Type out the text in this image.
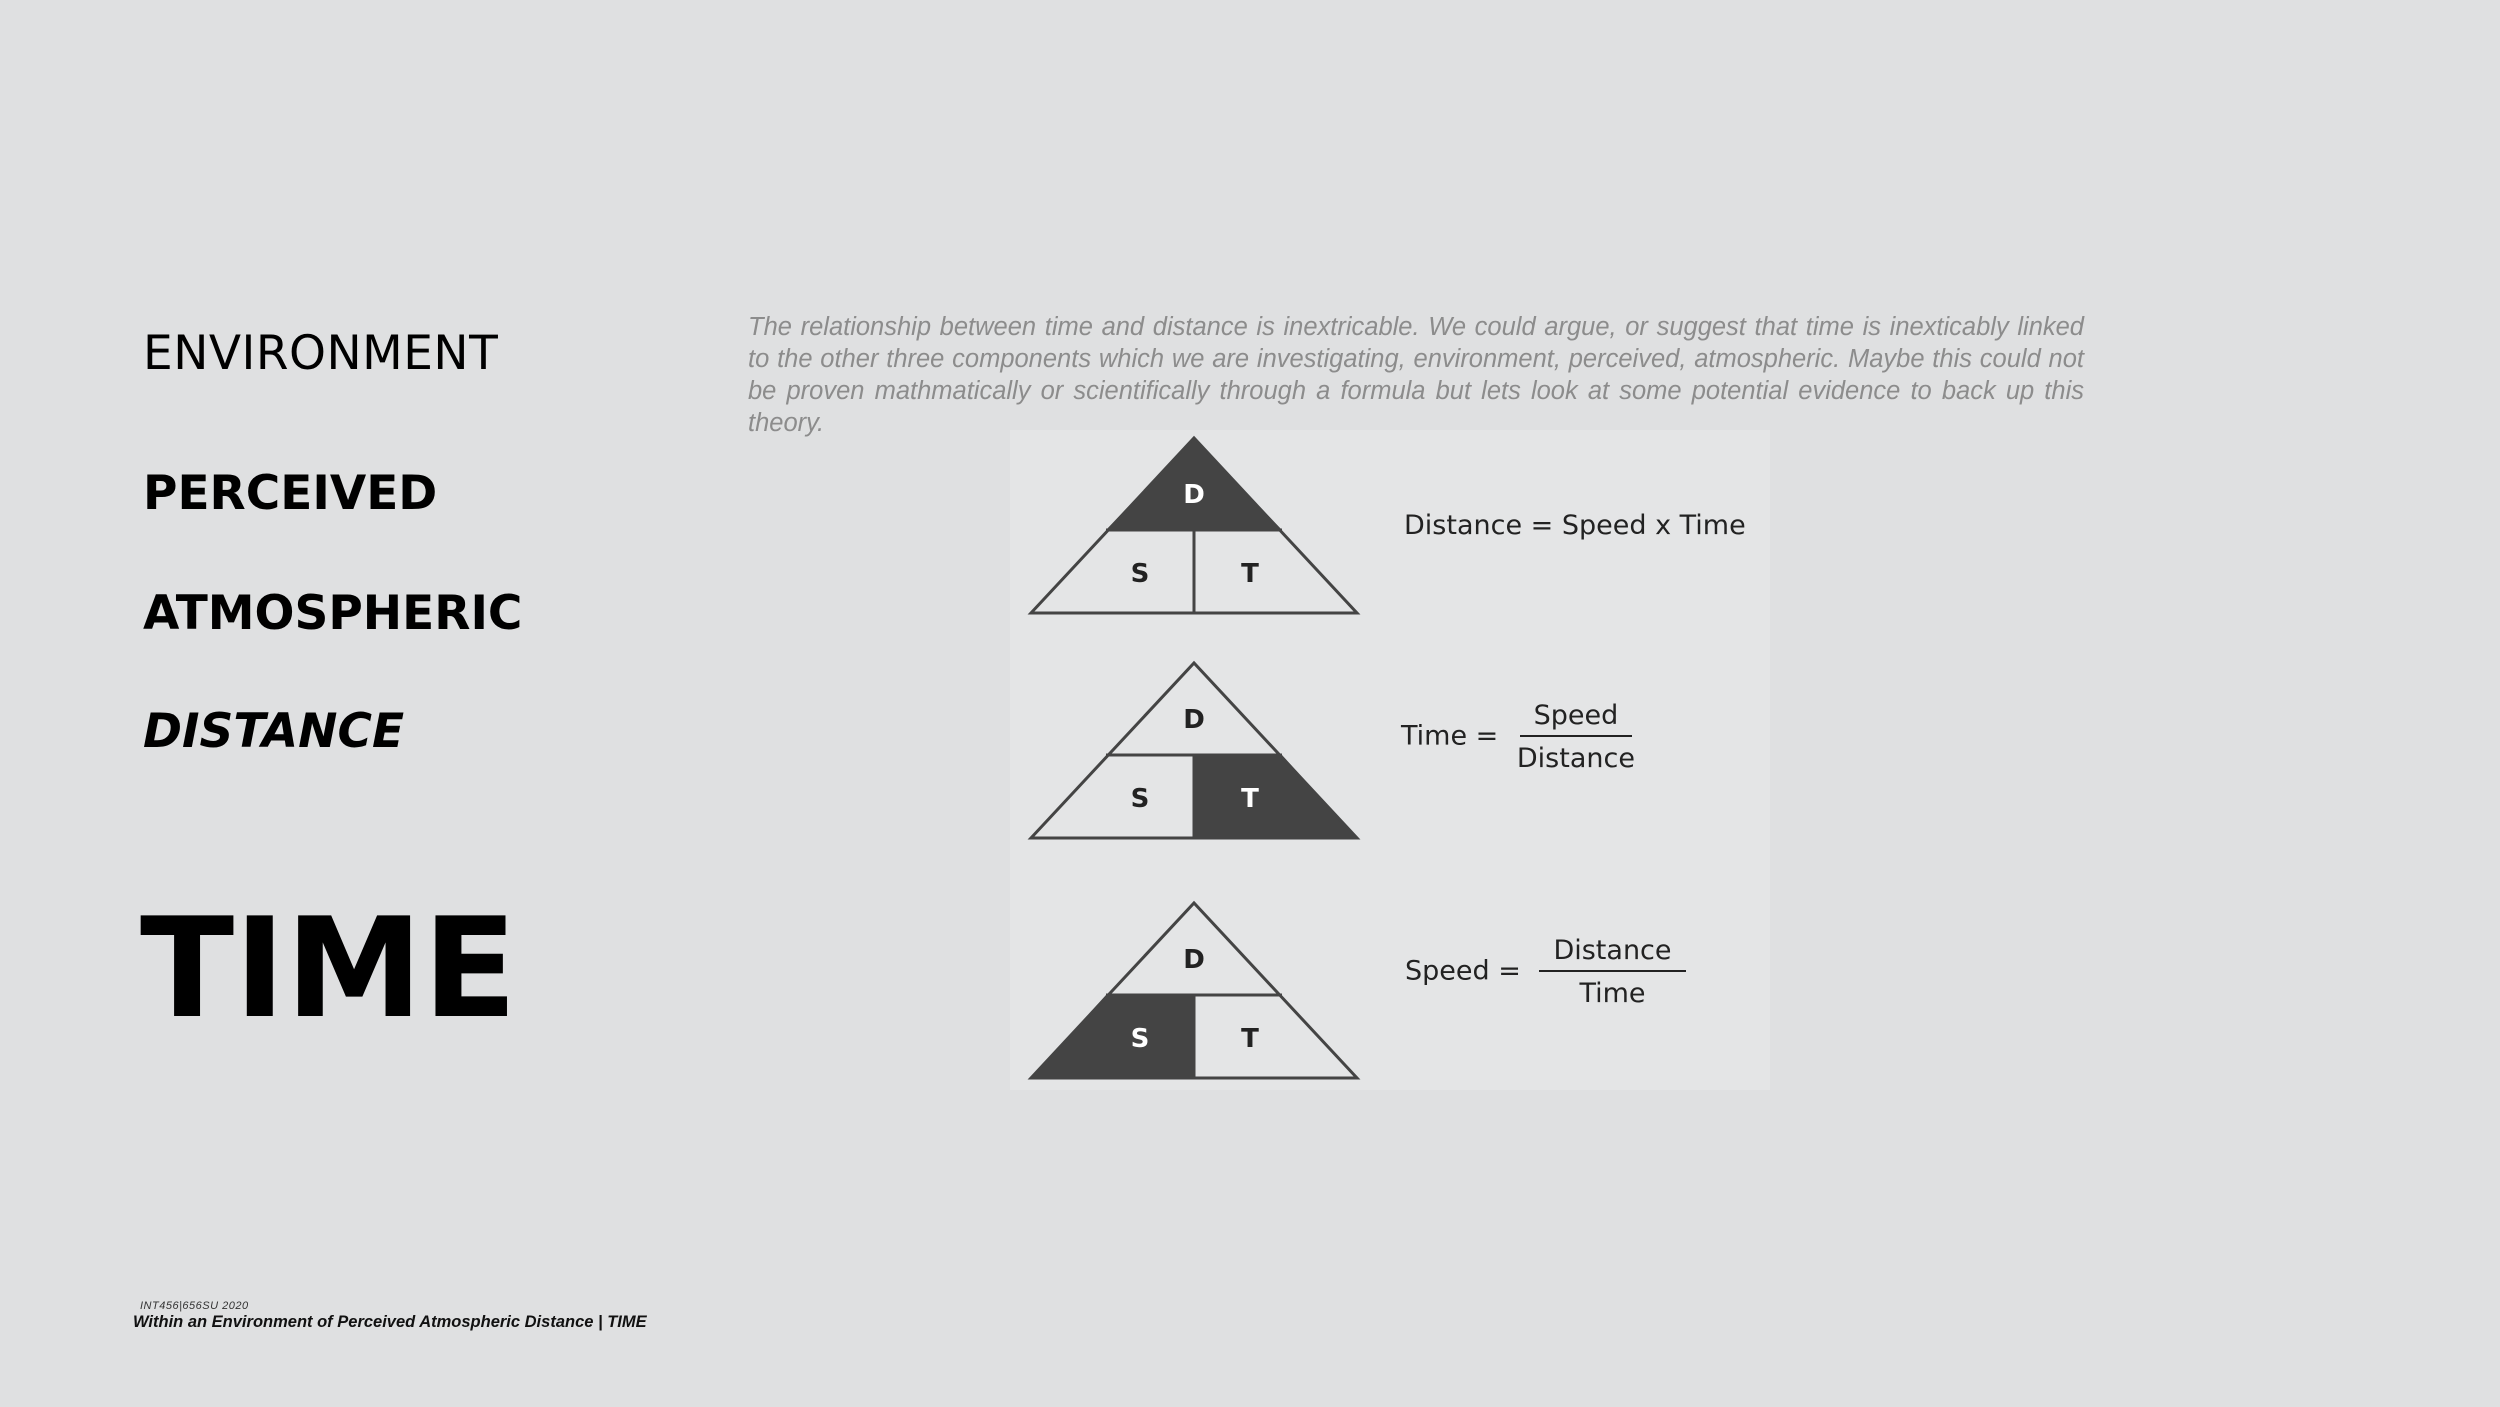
ENVIRONMENT
PERCEIVED
ATMOSPHERIC
DISTANCE
TIME

The relationship between time and distance is inextricable. We could argue, or suggest that time is inexticably linked to the other three components which we are investigating, environment, perceived, atmospheric. Maybe this could not be proven mathmatically or scientifically through a formula but lets look at some potential evidence to back up this theory.

D
S	T
D
S	T
D
S	T
Distance = Speed x Time
Time = $\frac{\text{Speed}}{\text{Distance}}$
Speed = $\frac{\text{Distance}}{\text{Time}}$
INT456|656SU 2020
Within an Environment of Perceived Atmospheric Distance | TIME
